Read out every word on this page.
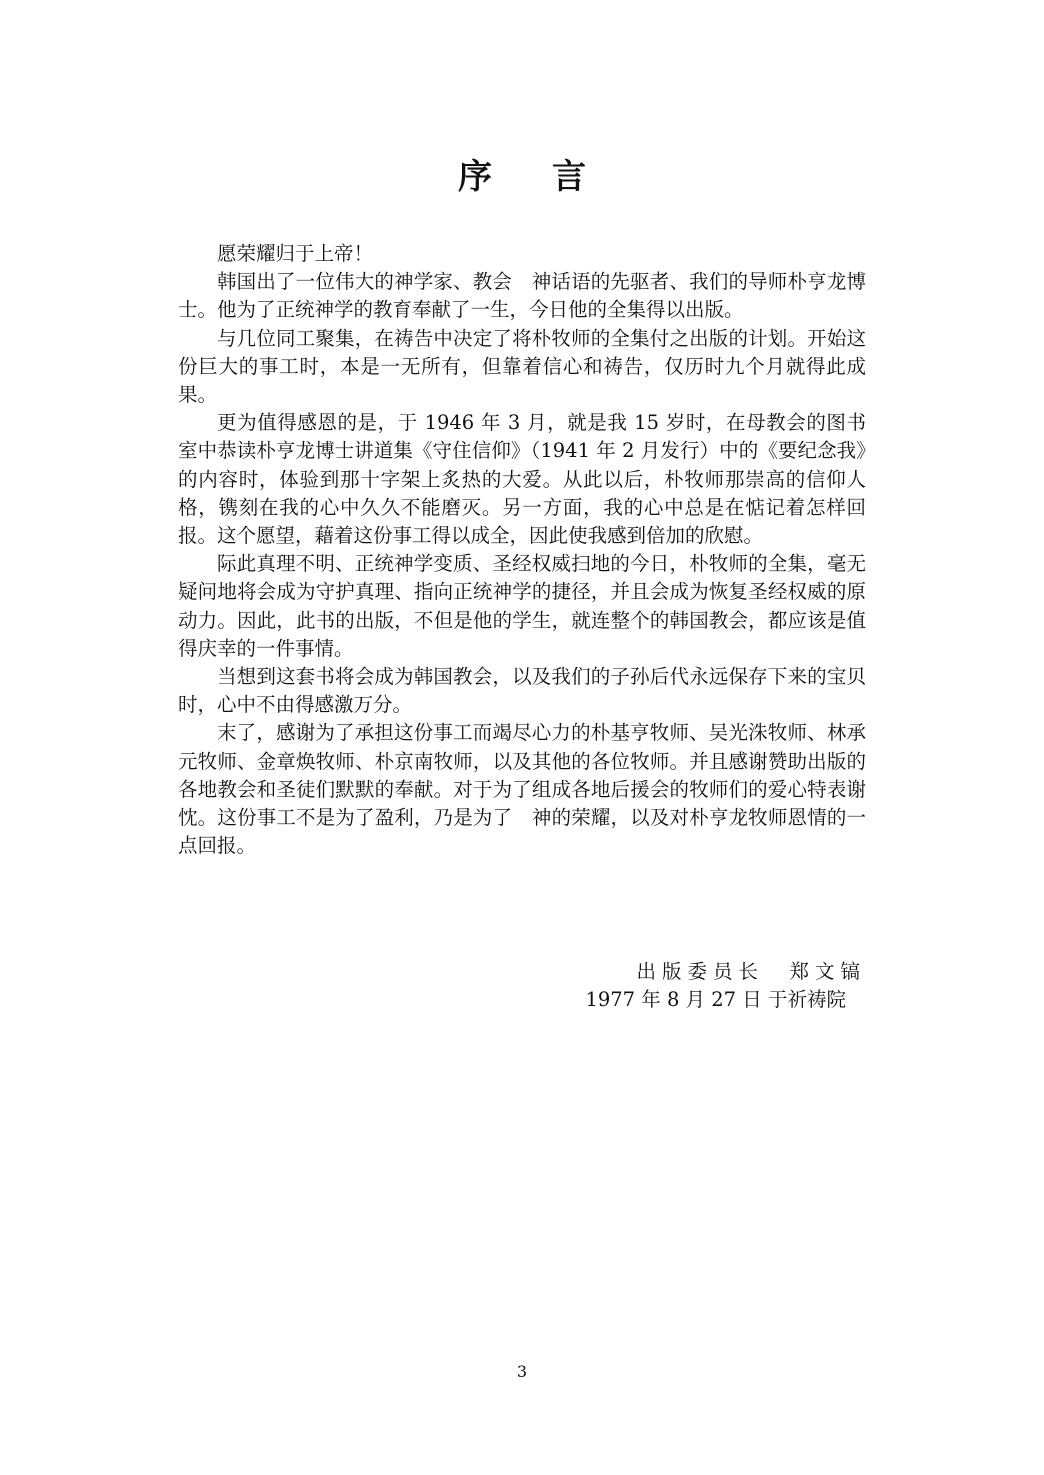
序 言

愿荣耀归于上帝！

韩国出了一位伟大的神学家、教会　神话语的先驱者、我们的导师朴亨龙博士。他为了正统神学的教育奉献了一生，今日他的全集得以出版。

与几位同工聚集，在祷告中决定了将朴牧师的全集付之出版的计划。开始这份巨大的事工时，本是一无所有，但靠着信心和祷告，仅历时九个月就得此成果。

更为值得感恩的是，于 1946 年 3 月，就是我 15 岁时，在母教会的图书室中恭读朴亨龙博士讲道集《守住信仰》（1941 年 2 月发行）中的《要纪念我》的内容时，体验到那十字架上炙热的大爱。从此以后，朴牧师那崇高的信仰人格，镌刻在我的心中久久不能磨灭。另一方面，我的心中总是在惦记着怎样回报。这个愿望，藉着这份事工得以成全，因此使我感到倍加的欣慰。

际此真理不明、正统神学变质、圣经权威扫地的今日，朴牧师的全集，毫无疑问地将会成为守护真理、指向正统神学的捷径，并且会成为恢复圣经权威的原动力。因此，此书的出版，不但是他的学生，就连整个的韩国教会，都应该是值得庆幸的一件事情。

当想到这套书将会成为韩国教会，以及我们的子孙后代永远保存下来的宝贝时，心中不由得感激万分。

末了，感谢为了承担这份事工而竭尽心力的朴基亨牧师、吴光洙牧师、林承元牧师、金章焕牧师、朴京南牧师，以及其他的各位牧师。并且感谢赞助出版的各地教会和圣徒们默默的奉献。对于为了组成各地后援会的牧师们的爱心特表谢忱。这份事工不是为了盈利，乃是为了　神的荣耀，以及对朴亨龙牧师恩情的一点回报。

出版委员长　郑文镐
1977 年 8 月 27 日 于祈祷院
3
